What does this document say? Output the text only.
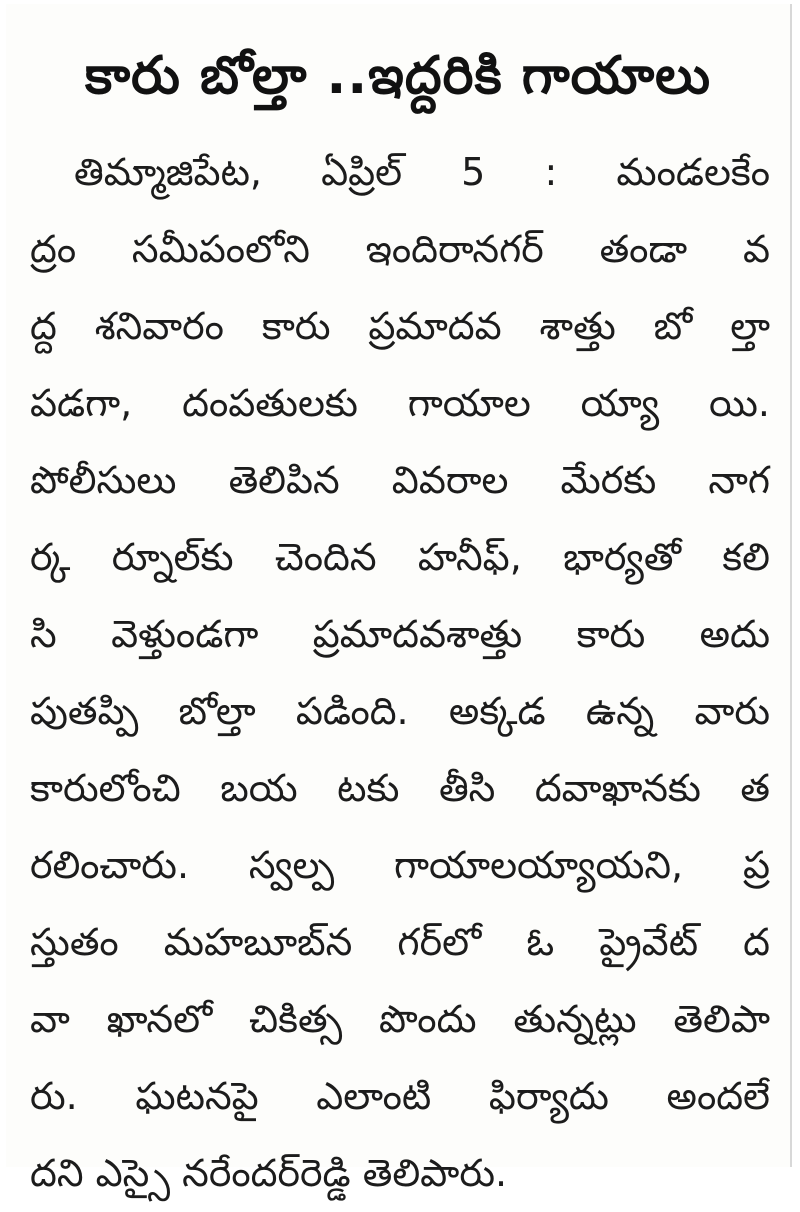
కారు బోల్తా ..ఇద్దరికి గాయాలు
తిమ్మాజిపేట, ఏప్రిల్ 5 : మండలకేం
ద్రం సమీపంలోని ఇందిరానగర్ తండా వ
ద్ద శనివారం కారు ప్రమాదవ శాత్తు బో ల్తా
పడగా, దంపతులకు గాయాల య్యా యి.
పోలీసులు తెలిపిన వివరాల మేరకు నాగ
ర్క ర్నూల్‌కు చెందిన హనీఫ్, భార్యతో కలి
సి వెళ్తుండగా ప్రమాదవశాత్తు కారు అదు
పుతప్పి బోల్తా పడింది. అక్కడ ఉన్న వారు
కారులోంచి బయ టకు తీసి దవాఖానకు త
రలించారు. స్వల్ప గాయాలయ్యాయని, ప్ర
స్తుతం మహబూబ్‌న గర్‌లో ఓ ప్రైవేట్ ద
వా ఖానలో చికిత్స పొందు తున్నట్లు తెలిపా
రు. ఘటనపై ఎలాంటి ఫిర్యాదు అందలే
దని ఎస్సై నరేందర్‌రెడ్డి తెలిపారు.
